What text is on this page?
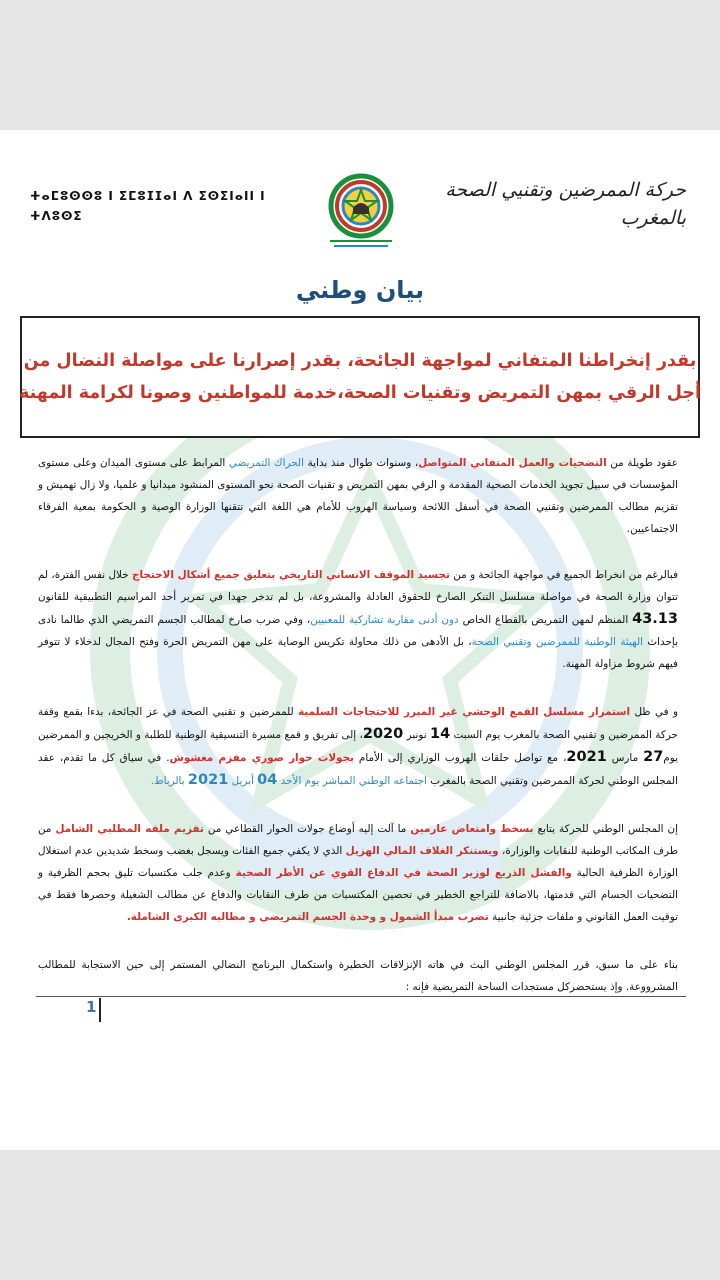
ⵜⴰⵎⵓⵙⵙⵓ ⵏ ⵉⵎⵓⵊⵊⴰⵏ ⴷ ⵉⵙⵉⵏⴰⵏⵏ ⵏ
ⵜⴷⵓⵙⵉ
حركة الممرضين وتقنيي الصحة
بالمغرب
بيان وطني
بقدر إنخراطنا المتفاني لمواجهة الجائحة، بقدر إصرارنا على مواصلة النضال من
أجل الرقي بمهن التمريض وتقنيات الصحة،خدمة للمواطنين وصونا لكرامة المهنة

عقود طويلة من التضحيات والعمل المتفاني المتواصل، وسنوات طوال منذ بداية الحراك التمريضي المرابط على مستوى الميدان وعلى مستوى المؤسسات في سبيل تجويد الخدمات الصحية المقدمة و الرقي بمهن التمريض و تقنيات الصحة نحو المستوى المنشود ميدانيا و علميا، ولا زال تهميش و تقزيم مطالب الممرضين وتقنيي الصحة في أسفل اللائحة وسياسة الهروب للأمام هي اللغة التي تتقنها الوزارة الوصية و الحكومة بمعية الفرقاء الاجتماعيين.

فبالرغم من انخراط الجميع في مواجهة الجائحة و من تجسيد الموقف الانساني التاريخي بتعليق جميع أشكال الاحتجاج خلال نفس الفترة، لم تتوان وزارة الصحة في مواصلة مسلسل التنكر الصارخ للحقوق العادلة والمشروعة، بل لم تدخر جهدا في تمرير أحد المراسيم التطبيقية للقانون 43.13 المنظم لمهن التمريض بالقطاع الخاص دون أدنى مقاربة تشاركية للمعنيين، وفي ضرب صارخ لمطالب الجسم التمريضي الذي طالما نادى بإحداث الهيئة الوطنية للممرضين وتقنيي الصحة، بل الأدهى من ذلك محاولة تكريس الوصاية على مهن التمريض الحرة وفتح المجال لدخلاء لا تتوفر فيهم شروط مزاولة المهنة.

و في ظل استمرار مسلسل القمع الوحشي غير المبرر للاحتجاجات السلمية للممرضين و تقنيي الصحة في عز الجائحة، بدءا بقمع وقفة حركة الممرضين و تقنيي الصحة بالمغرب يوم السبت 14 نونبر 2020، إلى تفريق و قمع مسيرة التنسيقية الوطنية للطلبة و الخريجين و الممرضين يوم27 مارس 2021، مع تواصل حلقات الهروب الوزاري إلى الأمام بجولات حوار صوري مفزم مغشوش. في سياق كل ما تقدم، عقد المجلس الوطني لحركة الممرضين وتقنيي الصحة بالمغرب اجتماعه الوطني المباشر يوم الأحد 04 أبريل 2021 بالرباط.

إن المجلس الوطني للحركة يتابع بسخط وامتعاض عارمين ما آلت إليه أوضاع جولات الحوار القطاعي من تقزيم ملفه المطلبي الشامل من طرف المكاتب الوطنية للنقابات والوزارة، ويستنكر الغلاف المالي الهزيل الذي لا يكفي جميع الفئات ويسجل بغضب وسخط شديدين عدم استغلال الوزارة الظرفية الحالية والفشل الذريع لوزير الصحة في الدفاع القوي عن الأطر الصحية وعدم جلب مكتسبات تليق بحجم الظرفية و التضحيات الجسام التي قدمتها، بالاضافة للتراجع الخطير في تحصين المكتسبات من طرف النقابات والدفاع عن مطالب الشغيلة وحصرها فقط في توقيت العمل القانوني و ملفات جزئية جانبية تضرب مبدأ الشمول و وحدة الجسم التمريضي و مطالبه الكبرى الشاملة.

بناء على ما سبق، قرر المجلس الوطني البث في هاته الإنزلاقات الخطيرة واستكمال البرنامج النضالي المستمر إلى حين الاستجابة للمطالب المشرووعة. وإذ يستحضركل مستجدات الساحة التمريضية فإنه :

1
